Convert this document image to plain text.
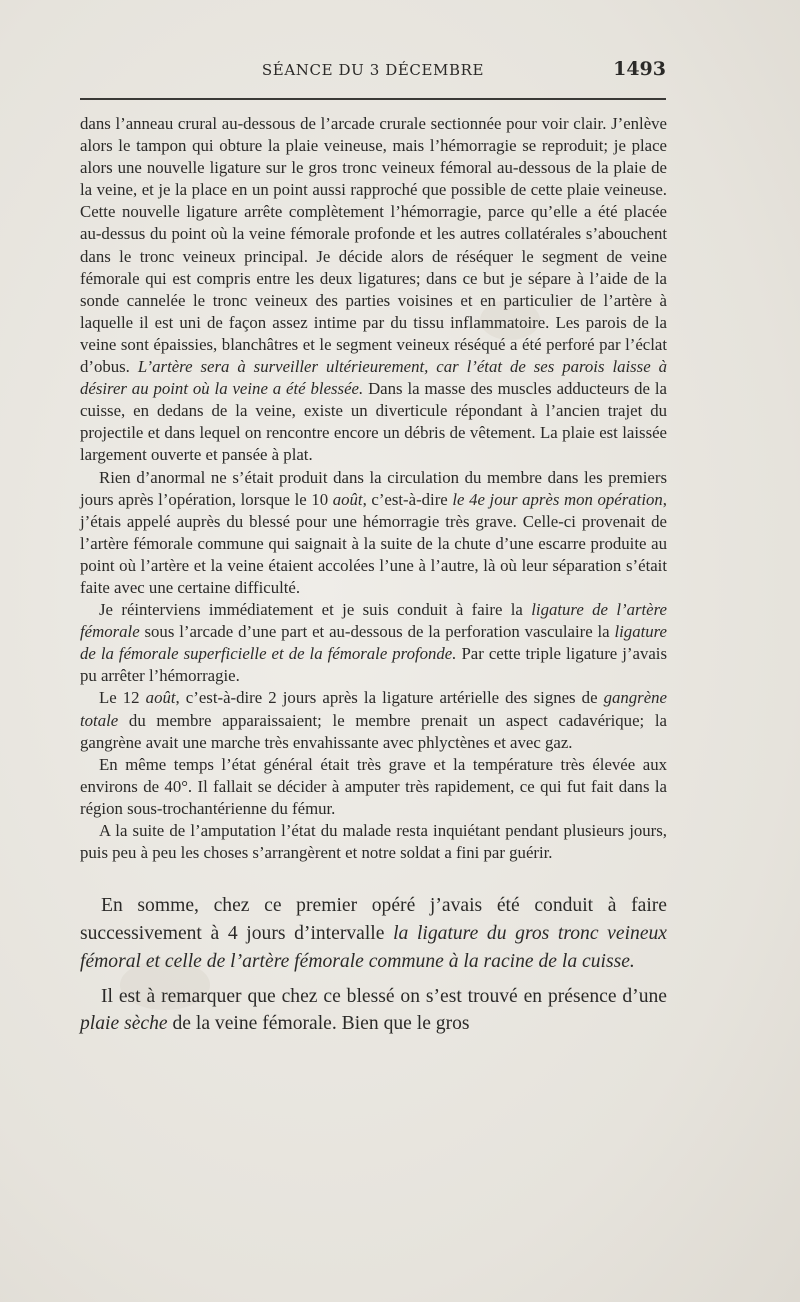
SÉANCE DU 3 DÉCEMBRE	1493

dans l’anneau crural au-dessous de l’arcade crurale sectionnée pour voir clair. J’enlève alors le tampon qui obture la plaie veineuse, mais l’hémorragie se reproduit; je place alors une nouvelle ligature sur le gros tronc veineux fémoral au-dessous de la plaie de la veine, et je la place en un point aussi rapproché que possible de cette plaie veineuse. Cette nouvelle ligature arrête complètement l’hémorragie, parce qu’elle a été placée au-dessus du point où la veine fémorale profonde et les autres collatérales s’abouchent dans le tronc veineux principal. Je décide alors de réséquer le segment de veine fémorale qui est compris entre les deux ligatures; dans ce but je sépare à l’aide de la sonde cannelée le tronc veineux des parties voisines et en particulier de l’artère à laquelle il est uni de façon assez intime par du tissu inflammatoire. Les parois de la veine sont épaissies, blanchâtres et le segment veineux réséqué a été perforé par l’éclat d’obus. L’artère sera à surveiller ultérieurement, car l’état de ses parois laisse à désirer au point où la veine a été blessée. Dans la masse des muscles adducteurs de la cuisse, en dedans de la veine, existe un diverticule répondant à l’ancien trajet du projectile et dans lequel on rencontre encore un débris de vêtement. La plaie est laissée largement ouverte et pansée à plat.

Rien d’anormal ne s’était produit dans la circulation du membre dans les premiers jours après l’opération, lorsque le 10 août, c’est-à-dire le 4e jour après mon opération, j’étais appelé auprès du blessé pour une hémorragie très grave. Celle-ci provenait de l’artère fémorale commune qui saignait à la suite de la chute d’une escarre produite au point où l’artère et la veine étaient accolées l’une à l’autre, là où leur séparation s’était faite avec une certaine difficulté.

Je réinterviens immédiatement et je suis conduit à faire la ligature de l’artère fémorale sous l’arcade d’une part et au-dessous de la perforation vasculaire la ligature de la fémorale superficielle et de la fémorale profonde. Par cette triple ligature j’avais pu arrêter l’hémorragie.

Le 12 août, c’est-à-dire 2 jours après la ligature artérielle des signes de gangrène totale du membre apparaissaient; le membre prenait un aspect cadavérique; la gangrène avait une marche très envahissante avec phlyctènes et avec gaz.

En même temps l’état général était très grave et la température très élevée aux environs de 40°. Il fallait se décider à amputer très rapidement, ce qui fut fait dans la région sous-trochantérienne du fémur.

A la suite de l’amputation l’état du malade resta inquiétant pendant plusieurs jours, puis peu à peu les choses s’arrangèrent et notre soldat a fini par guérir.

En somme, chez ce premier opéré j’avais été conduit à faire successivement à 4 jours d’intervalle la ligature du gros tronc veineux fémoral et celle de l’artère fémorale commune à la racine de la cuisse.

Il est à remarquer que chez ce blessé on s’est trouvé en présence d’une plaie sèche de la veine fémorale. Bien que le gros
